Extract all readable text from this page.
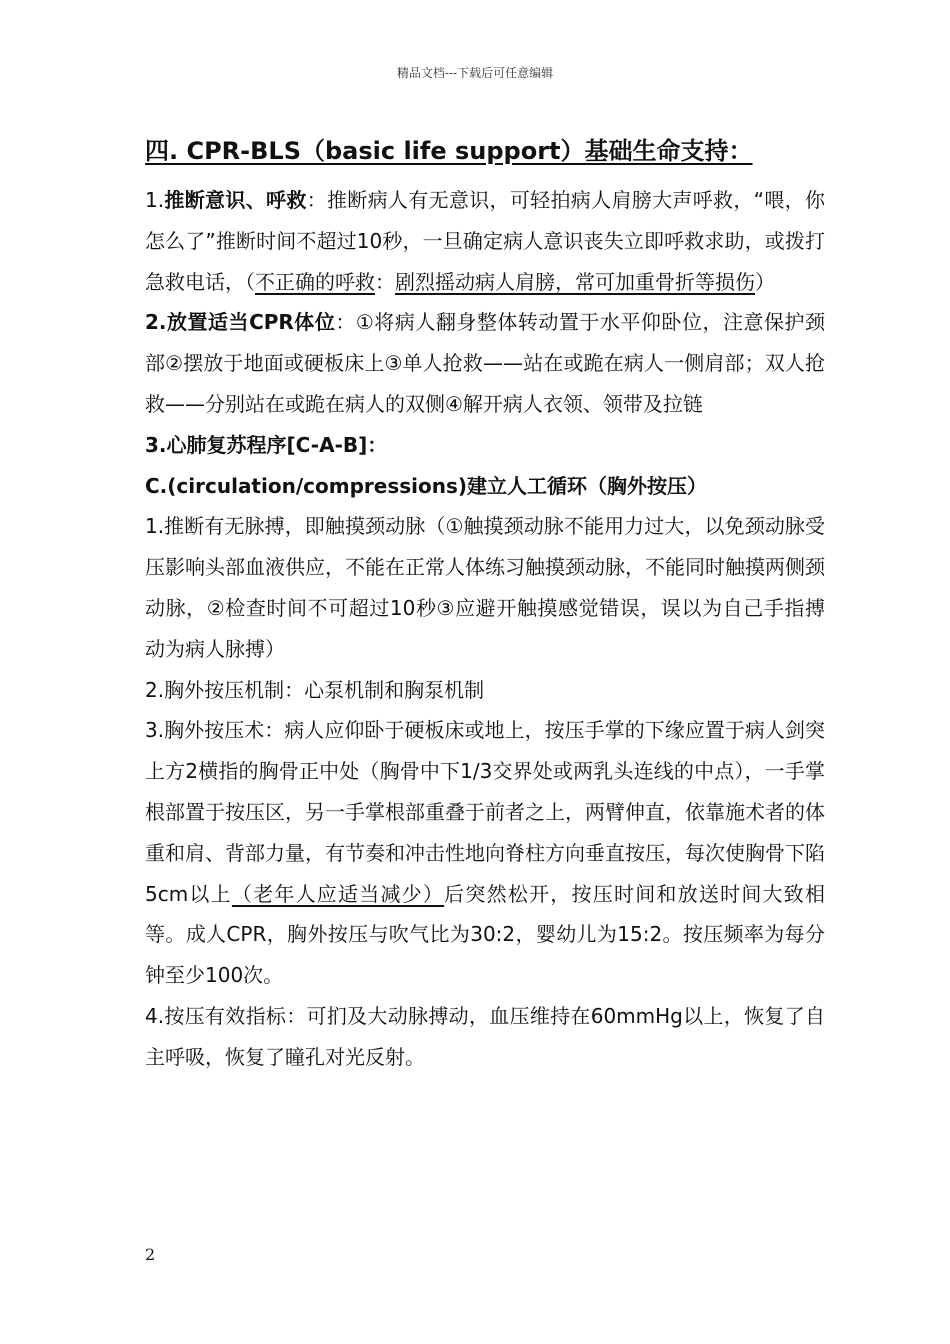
精品文档---下载后可任意编辑
四. CPR-BLS（basic life support）基础生命支持：

1.推断意识、呼救：推断病人有无意识，可轻拍病人肩膀大声呼救，“喂，你怎么了”推断时间不超过10秒，一旦确定病人意识丧失立即呼救求助，或拨打急救电话，（不正确的呼救：剧烈摇动病人肩膀，常可加重骨折等损伤）

2.放置适当CPR体位：①将病人翻身整体转动置于水平仰卧位，注意保护颈部②摆放于地面或硬板床上③单人抢救——站在或跪在病人一侧肩部；双人抢救——分别站在或跪在病人的双侧④解开病人衣领、领带及拉链

3.心肺复苏程序[C-A-B]：

C.(circulation/compressions)建立人工循环（胸外按压）

1.推断有无脉搏，即触摸颈动脉（①触摸颈动脉不能用力过大，以免颈动脉受压影响头部血液供应，不能在正常人体练习触摸颈动脉，不能同时触摸两侧颈动脉，②检查时间不可超过10秒③应避开触摸感觉错误，误以为自己手指搏动为病人脉搏）

2.胸外按压机制：心泵机制和胸泵机制

3.胸外按压术：病人应仰卧于硬板床或地上，按压手掌的下缘应置于病人剑突上方2横指的胸骨正中处（胸骨中下1/3交界处或两乳头连线的中点），一手掌根部置于按压区，另一手掌根部重叠于前者之上，两臂伸直，依靠施术者的体重和肩、背部力量，有节奏和冲击性地向脊柱方向垂直按压，每次使胸骨下陷5cm以上（老年人应适当减少）后突然松开，按压时间和放送时间大致相等。成人CPR，胸外按压与吹气比为30:2，婴幼儿为15:2。按压频率为每分钟至少100次。

4.按压有效指标：可扪及大动脉搏动，血压维持在60mmHg以上，恢复了自主呼吸，恢复了瞳孔对光反射。

2
